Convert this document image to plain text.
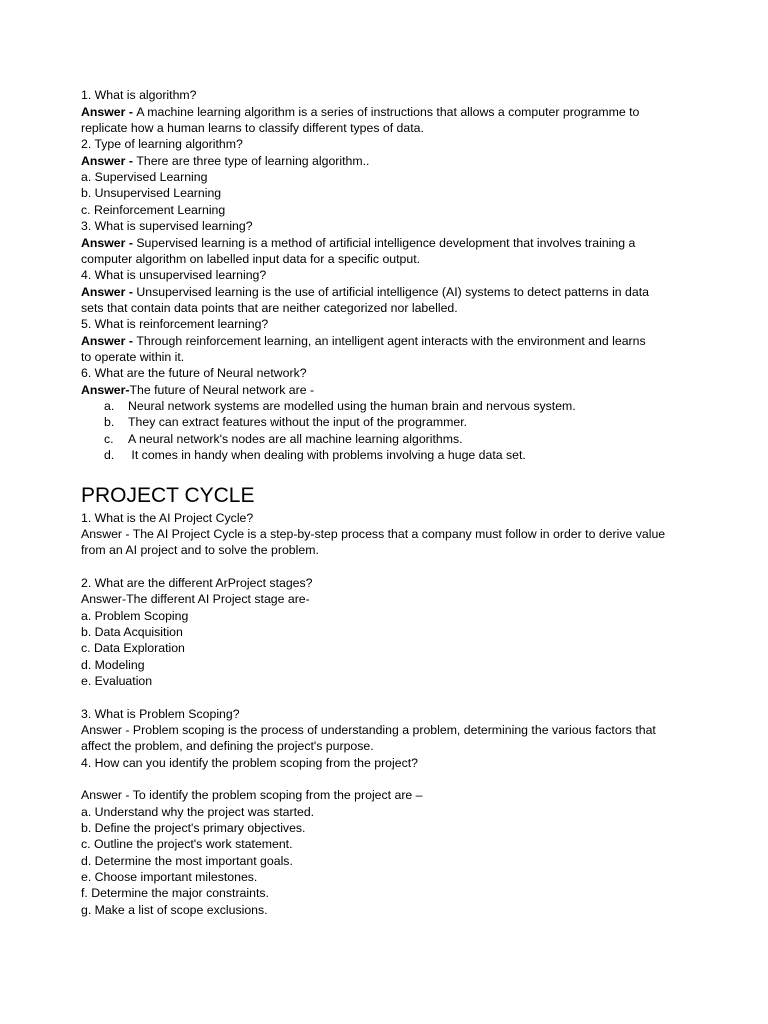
1. What is algorithm?

Answer - A machine learning algorithm is a series of instructions that allows a computer programme to

replicate how a human learns to classify different types of data.

2. Type of learning algorithm?

Answer - There are three type of learning algorithm..

a. Supervised Learning

b. Unsupervised Learning

c. Reinforcement Learning

3. What is supervised learning?

Answer - Supervised learning is a method of artificial intelligence development that involves training a

computer algorithm on labelled input data for a specific output.

4. What is unsupervised learning?

Answer - Unsupervised learning is the use of artificial intelligence (AI) systems to detect patterns in data

sets that contain data points that are neither categorized nor labelled.

5. What is reinforcement learning?

Answer - Through reinforcement learning, an intelligent agent interacts with the environment and learns

to operate within it.

6. What are the future of Neural network?

Answer-The future of Neural network are -

a. Neural network systems are modelled using the human brain and nervous system.

b. They can extract features without the input of the programmer.

c. A neural network's nodes are all machine learning algorithms.

d. It comes in handy when dealing with problems involving a huge data set.

PROJECT CYCLE

1. What is the AI Project Cycle?

Answer - The AI Project Cycle is a step-by-step process that a company must follow in order to derive value

from an AI project and to solve the problem.

2. What are the different ArProject stages?

Answer-The different AI Project stage are-

a. Problem Scoping

b. Data Acquisition

c. Data Exploration

d. Modeling

e. Evaluation

3. What is Problem Scoping?

Answer - Problem scoping is the process of understanding a problem, determining the various factors that

affect the problem, and defining the project's purpose.

4. How can you identify the problem scoping from the project?

Answer - To identify the problem scoping from the project are –

a. Understand why the project was started.

b. Define the project's primary objectives.

c. Outline the project's work statement.

d. Determine the most important goals.

e. Choose important milestones.

f. Determine the major constraints.

g. Make a list of scope exclusions.
